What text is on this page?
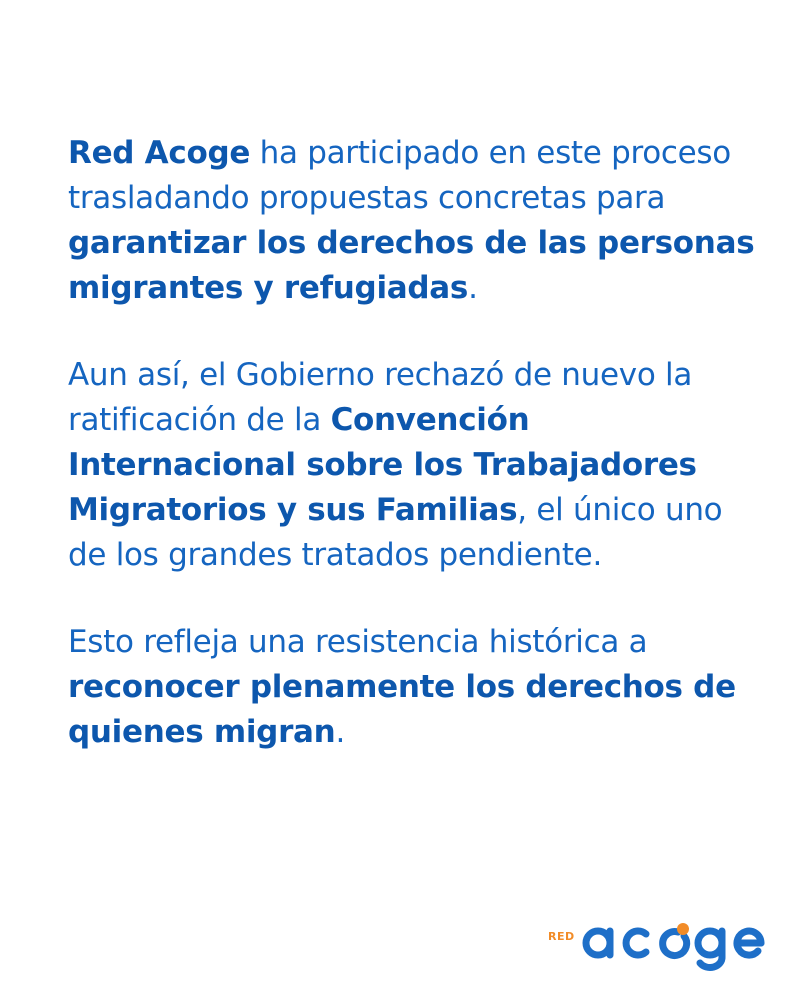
Red Acoge ha participado en este proceso trasladando propuestas concretas para garantizar los derechos de las personas migrantes y refugiadas.

Aun así, el Gobierno rechazó de nuevo la ratificación de la Convención Internacional sobre los Trabajadores Migratorios y sus Familias, el único uno de los grandes tratados pendiente.

Esto refleja una resistencia histórica a reconocer plenamente los derechos de quienes migran.

RED
